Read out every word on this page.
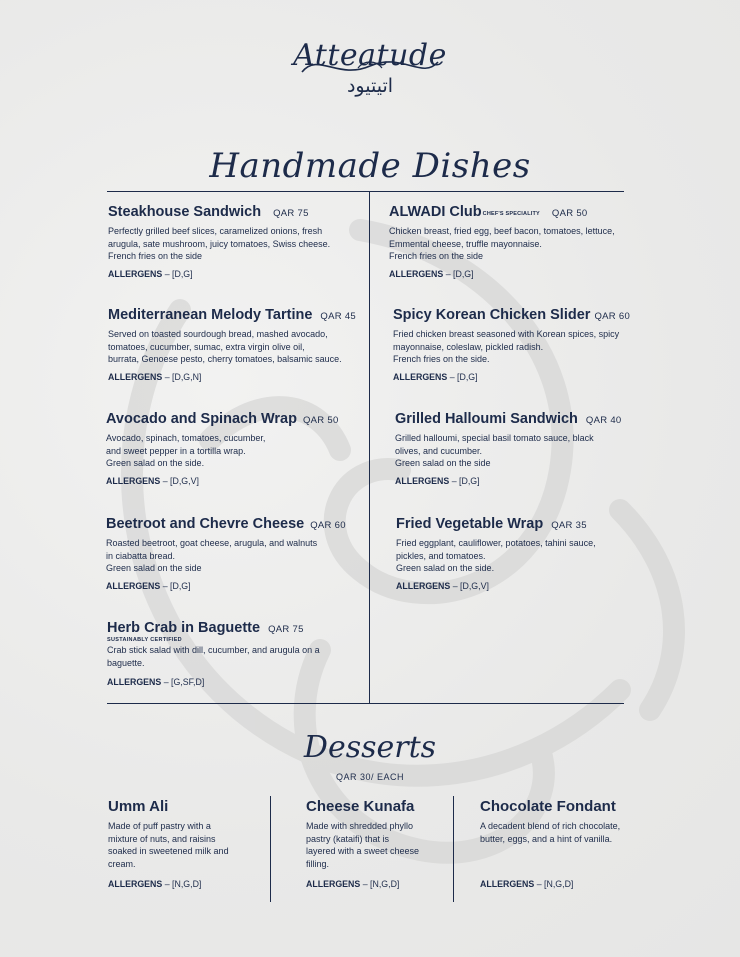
Atteatude
اتيتيود
Handmade Dishes
Steakhouse Sandwich QAR 75
Perfectly grilled beef slices, caramelized onions, fresh
arugula, sate mushroom, juicy tomatoes, Swiss cheese.
French fries on the side
ALLERGENS – [D,G]
Mediterranean Melody Tartine QAR 45
Served on toasted sourdough bread, mashed avocado,
tomatoes, cucumber, sumac, extra virgin olive oil,
burrata, Genoese pesto, cherry tomatoes, balsamic sauce.
ALLERGENS – [D,G,N]
Avocado and Spinach Wrap QAR 50
Avocado, spinach, tomatoes, cucumber,
and sweet pepper in a tortilla wrap.
Green salad on the side.
ALLERGENS – [D,G,V]
Beetroot and Chevre Cheese QAR 60
Roasted beetroot, goat cheese, arugula, and walnuts
in ciabatta bread.
Green salad on the side
ALLERGENS – [D,G]
Herb Crab in Baguette QAR 75
SUSTAINABLY CERTIFIED
Crab stick salad with dill, cucumber, and arugula on a
baguette.
ALLERGENS – [G,SF,D]
ALWADI Club CHEF'S SPECIALITY QAR 50
Chicken breast, fried egg, beef bacon, tomatoes, lettuce,
Emmental cheese, truffle mayonnaise.
French fries on the side
ALLERGENS – [D,G]
Spicy Korean Chicken Slider QAR 60
Fried chicken breast seasoned with Korean spices, spicy
mayonnaise, coleslaw, pickled radish.
French fries on the side.
ALLERGENS – [D,G]
Grilled Halloumi Sandwich QAR 40
Grilled halloumi, special basil tomato sauce, black
olives, and cucumber.
Green salad on the side
ALLERGENS – [D,G]
Fried Vegetable Wrap QAR 35
Fried eggplant, cauliflower, potatoes, tahini sauce,
pickles, and tomatoes.
Green salad on the side.
ALLERGENS – [D,G,V]
Desserts
QAR 30/ EACH
Umm Ali
Made of puff pastry with a
mixture of nuts, and raisins
soaked in sweetened milk and
cream.
ALLERGENS – [N,G,D]
Cheese Kunafa
Made with shredded phyllo
pastry (kataifi) that is
layered with a sweet cheese
filling.
ALLERGENS – [N,G,D]
Chocolate Fondant
A decadent blend of rich chocolate,
butter, eggs, and a hint of vanilla.
ALLERGENS – [N,G,D]
